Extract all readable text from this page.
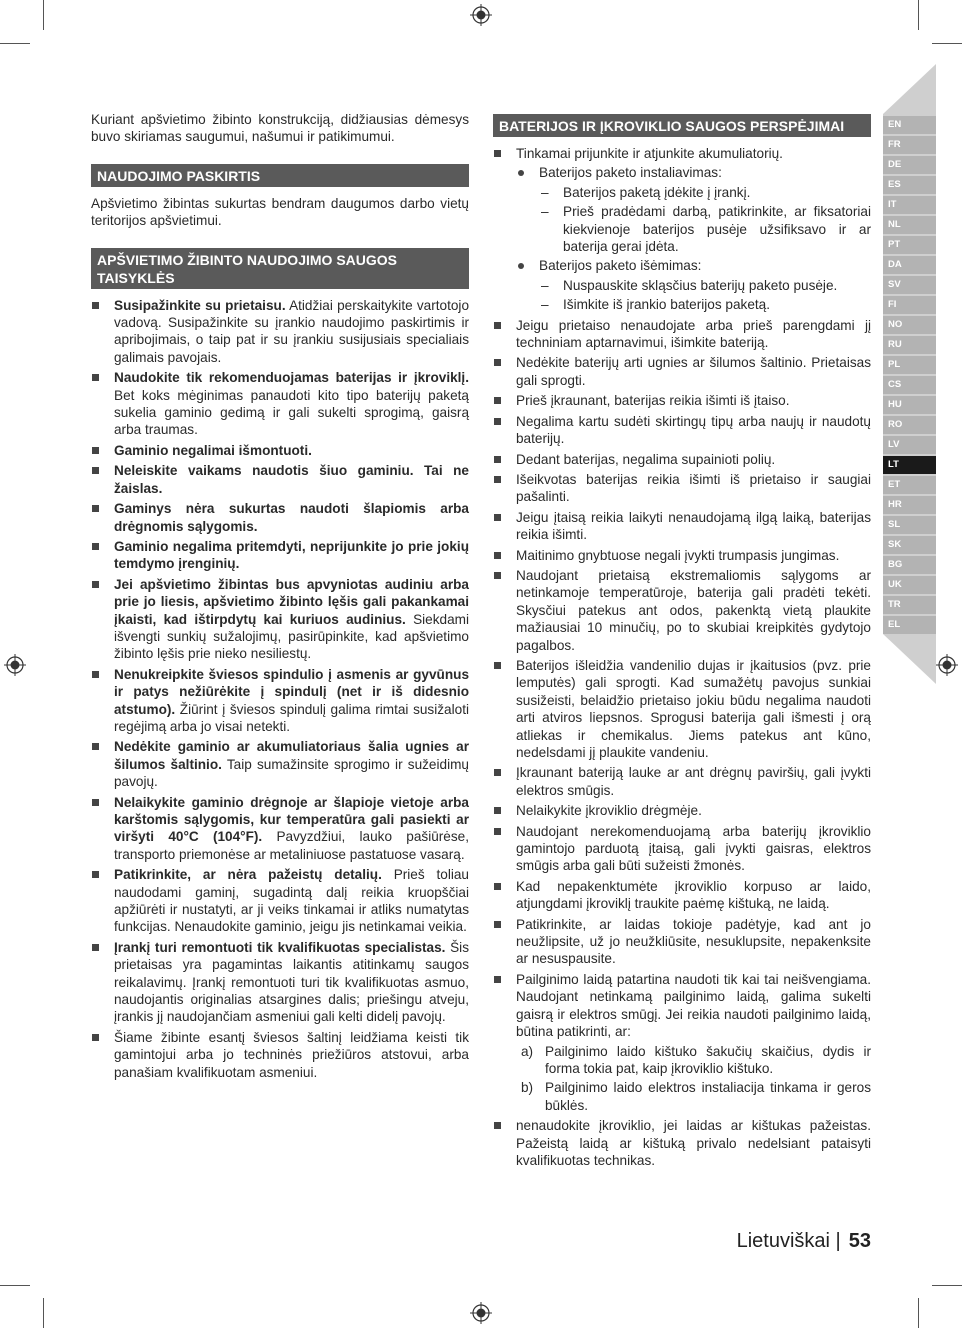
EN
FR
DE
ES
IT
NL
PT
DA
SV
FI
NO
RU
PL
CS
HU
RO
LV
LT
ET
HR
SL
SK
BG
UK
TR
EL

Kuriant apšvietimo žibinto konstrukciją, didžiausias dėmesys buvo skiriamas saugumui, našumui ir patikimumui.

NAUDOJIMO PASKIRTIS

Apšvietimo žibintas sukurtas bendram daugumos darbo vietų teritorijos apšvietimui.

APŠVIETIMO ŽIBINTO NAUDOJIMO SAUGOS TAISYKLĖS
Susipažinkite su prietaisu. Atidžiai perskaitykite vartotojo vadovą. Susipažinkite su įrankio naudojimo paskirtimis ir apribojimais, o taip pat ir su įrankiu susijusiais specialiais galimais pavojais.
Naudokite tik rekomenduojamas baterijas ir įkroviklį. Bet koks mėginimas panaudoti kito tipo baterijų paketą sukelia gaminio gedimą ir gali sukelti sprogimą, gaisrą arba traumas.
Gaminio negalimai išmontuoti.
Neleiskite vaikams naudotis šiuo gaminiu. Tai ne žaislas.
Gaminys nėra sukurtas naudoti šlapiomis arba drėgnomis sąlygomis.
Gaminio negalima pritemdyti, neprijunkite jo prie jokių temdymo įrenginių.
Jei apšvietimo žibintas bus apvyniotas audiniu arba prie jo liesis, apšvietimo žibinto lęšis gali pakankamai įkaisti, kad ištirpdytų kai kuriuos audinius. Siekdami išvengti sunkių sužalojimų, pasirūpinkite, kad apšvietimo žibinto lęšis prie nieko nesiliestų.
Nenukreipkite šviesos spindulio į asmenis ar gyvūnus ir patys nežiūrėkite į spindulį (net ir iš didesnio atstumo). Žiūrint į šviesos spindulį galima rimtai susižaloti regėjimą arba jo visai netekti.
Nedėkite gaminio ar akumuliatoriaus šalia ugnies ar šilumos šaltinio. Taip sumažinsite sprogimo ir sužeidimų pavojų.
Nelaikykite gaminio drėgnoje ar šlapioje vietoje arba karštomis sąlygomis, kur temperatūra gali pasiekti ar viršyti 40°C (104°F). Pavyzdžiui, lauko pašiūrėse, transporto priemonėse ar metaliniuose pastatuose vasarą.
Patikrinkite, ar nėra pažeistų detalių. Prieš toliau naudodami gaminį, sugadintą dalį reikia kruopščiai apžiūrėti ir nustatyti, ar ji veiks tinkamai ir atliks numatytas funkcijas. Nenaudokite gaminio, jeigu jis netinkamai veikia.
Įrankį turi remontuoti tik kvalifikuotas specialistas. Šis prietaisas yra pagamintas laikantis atitinkamų saugos reikalavimų. Įrankį remontuoti turi tik kvalifikuotas asmuo, naudojantis originalias atsargines dalis; priešingu atveju, įrankis jį naudojančiam asmeniui gali kelti didelį pavojų.
Šiame žibinte esantį šviesos šaltinį leidžiama keisti tik gamintojui arba jo techninės priežiūros atstovui, arba panašiam kvalifikuotam asmeniui.
BATERIJOS IR ĮKROVIKLIO SAUGOS PERSPĖJIMAI
Tinkamai prijunkite ir atjunkite akumuliatorių.
Baterijos paketo instaliavimas:
– Baterijos paketą įdėkite į įrankį.
– Prieš pradėdami darbą, patikrinkite, ar fiksatoriai kiekvienoje baterijos pusėje užsifiksavo ir ar baterija gerai įdėta.
Baterijos paketo išėmimas:
– Nuspauskite skląsčius baterijų paketo pusėje.
– Išimkite iš įrankio baterijos paketą.
Jeigu prietaiso nenaudojate arba prieš parengdami jį techniniam aptarnavimui, išimkite bateriją.
Nedėkite baterijų arti ugnies ar šilumos šaltinio. Prietaisas gali sprogti.
Prieš įkraunant, baterijas reikia išimti iš įtaiso.
Negalima kartu sudėti skirtingų tipų arba naujų ir naudotų baterijų.
Dedant baterijas, negalima supainioti polių.
Išeikvotas baterijas reikia išimti iš prietaiso ir saugiai pašalinti.
Jeigu įtaisą reikia laikyti nenaudojamą ilgą laiką, baterijas reikia išimti.
Maitinimo gnybtuose negali įvykti trumpasis jungimas.
Naudojant prietaisą ekstremaliomis sąlygoms ar netinkamoje temperatūroje, baterija gali pradėti tekėti. Skysčiui patekus ant odos, pakenktą vietą plaukite mažiausiai 10 minučių, po to skubiai kreipkitės gydytojo pagalbos.
Baterijos išleidžia vandenilio dujas ir įkaitusios (pvz. prie lemputės) gali sprogti. Kad sumažėtų pavojus sunkiai susižeisti, belaidžio prietaiso jokiu būdu negalima naudoti arti atviros liepsnos. Sprogusi baterija gali išmesti į orą atliekas ir chemikalus. Jiems patekus ant kūno, nedelsdami jį plaukite vandeniu.
Įkraunant bateriją lauke ar ant drėgnų paviršių, gali įvykti elektros smūgis.
Nelaikykite įkroviklio drėgmėje.
Naudojant nerekomenduojamą arba baterijų įkroviklio gamintojo parduotą įtaisą, gali įvykti gaisras, elektros smūgis arba gali būti sužeisti žmonės.
Kad nepakenktumėte įkroviklio korpuso ar laido, atjungdami įkroviklį traukite paėmę kištuką, ne laidą.
Patikrinkite, ar laidas tokioje padėtyje, kad ant jo neužlipsite, už jo neužkliūsite, nesuklupsite, nepakenksite ar nesuspausite.
Pailginimo laidą patartina naudoti tik kai tai neišvengiama. Naudojant netinkamą pailginimo laidą, galima sukelti gaisrą ir elektros smūgį. Jei reikia naudoti pailginimo laidą, būtina patikrinti, ar:
a) Pailginimo laido kištuko šakučių skaičius, dydis ir forma tokia pat, kaip įkroviklio kištuko.
b) Pailginimo laido elektros instaliacija tinkama ir geros būklės.
nenaudokite įkroviklio, jei laidas ar kištukas pažeistas. Pažeistą laidą ar kištuką privalo nedelsiant pataisyti kvalifikuotas technikas.
Lietuviškai | 53
